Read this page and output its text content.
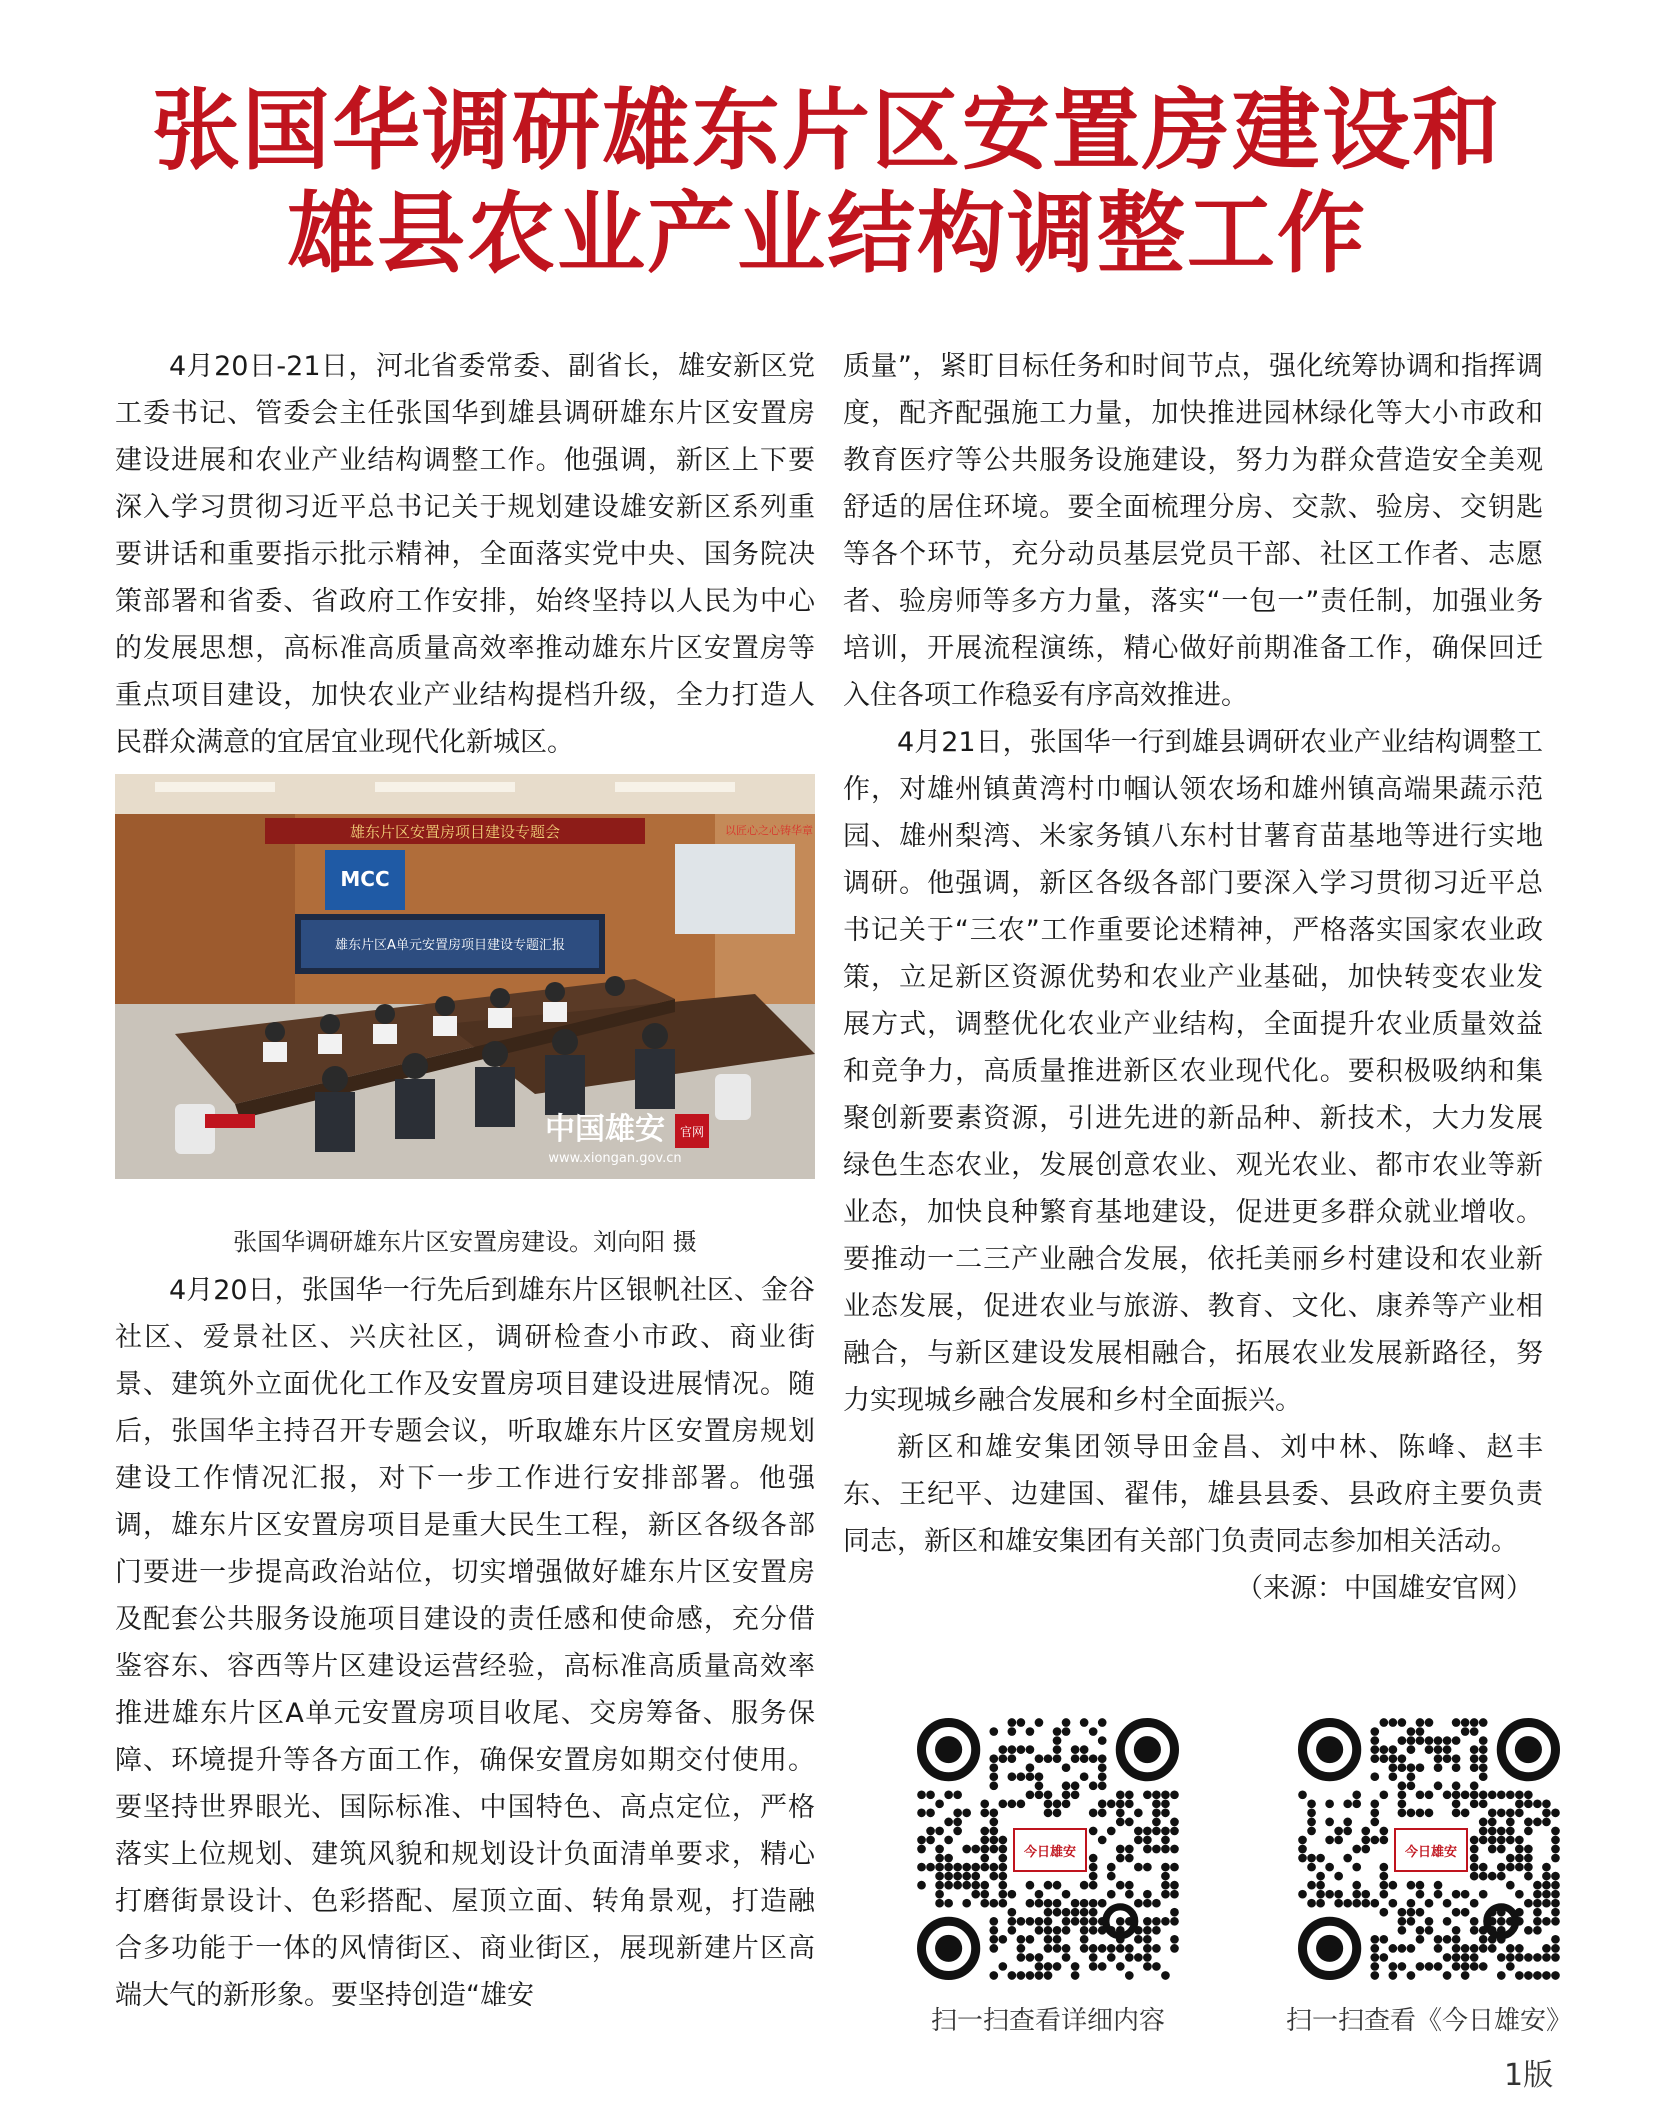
张国华调研雄东片区安置房建设和
雄县农业产业结构调整工作

4月20日-21日，河北省委常委、副省长，雄安新区党工委书记、管委会主任张国华到雄县调研雄东片区安置房建设进展和农业产业结构调整工作。他强调，新区上下要深入学习贯彻习近平总书记关于规划建设雄安新区系列重要讲话和重要指示批示精神，全面落实党中央、国务院决策部署和省委、省政府工作安排，始终坚持以人民为中心的发展思想，高标准高质量高效率推动雄东片区安置房等重点项目建设，加快农业产业结构提档升级，全力打造人民群众满意的宜居宜业现代化新城区。

雄东片区安置房项目建设专题会
MCC
雄东片区A单元安置房项目建设专题汇报
以匠心之心铸华章
中国雄安 官网
www.xiongan.gov.cn
张国华调研雄东片区安置房建设。刘向阳 摄

4月20日，张国华一行先后到雄东片区银帆社区、金谷社区、爱景社区、兴庆社区，调研检查小市政、商业街景、建筑外立面优化工作及安置房项目建设进展情况。随后，张国华主持召开专题会议，听取雄东片区安置房规划建设工作情况汇报，对下一步工作进行安排部署。他强调，雄东片区安置房项目是重大民生工程，新区各级各部门要进一步提高政治站位，切实增强做好雄东片区安置房及配套公共服务设施项目建设的责任感和使命感，充分借鉴容东、容西等片区建设运营经验，高标准高质量高效率推进雄东片区A单元安置房项目收尾、交房筹备、服务保障、环境提升等各方面工作，确保安置房如期交付使用。要坚持世界眼光、国际标准、中国特色、高点定位，严格落实上位规划、建筑风貌和规划设计负面清单要求，精心打磨街景设计、色彩搭配、屋顶立面、转角景观，打造融合多功能于一体的风情街区、商业街区，展现新建片区高端大气的新形象。要坚持创造“雄安

质量”，紧盯目标任务和时间节点，强化统筹协调和指挥调度，配齐配强施工力量，加快推进园林绿化等大小市政和教育医疗等公共服务设施建设，努力为群众营造安全美观舒适的居住环境。要全面梳理分房、交款、验房、交钥匙等各个环节，充分动员基层党员干部、社区工作者、志愿者、验房师等多方力量，落实“一包一”责任制，加强业务培训，开展流程演练，精心做好前期准备工作，确保回迁入住各项工作稳妥有序高效推进。

4月21日，张国华一行到雄县调研农业产业结构调整工作，对雄州镇黄湾村巾帼认领农场和雄州镇高端果蔬示范园、雄州梨湾、米家务镇八东村甘薯育苗基地等进行实地调研。他强调，新区各级各部门要深入学习贯彻习近平总书记关于“三农”工作重要论述精神，严格落实国家农业政策，立足新区资源优势和农业产业基础，加快转变农业发展方式，调整优化农业产业结构，全面提升农业质量效益和竞争力，高质量推进新区农业现代化。要积极吸纳和集聚创新要素资源，引进先进的新品种、新技术，大力发展绿色生态农业，发展创意农业、观光农业、都市农业等新业态，加快良种繁育基地建设，促进更多群众就业增收。要推动一二三产业融合发展，依托美丽乡村建设和农业新业态发展，促进农业与旅游、教育、文化、康养等产业相融合，与新区建设发展相融合，拓展农业发展新路径，努力实现城乡融合发展和乡村全面振兴。

新区和雄安集团领导田金昌、刘中林、陈峰、赵丰东、王纪平、边建国、翟伟，雄县县委、县政府主要负责同志，新区和雄安集团有关部门负责同志参加相关活动。

（来源：中国雄安官网）

今日雄安	今日雄安
扫一扫查看详细内容	扫一扫查看《今日雄安》
1版
